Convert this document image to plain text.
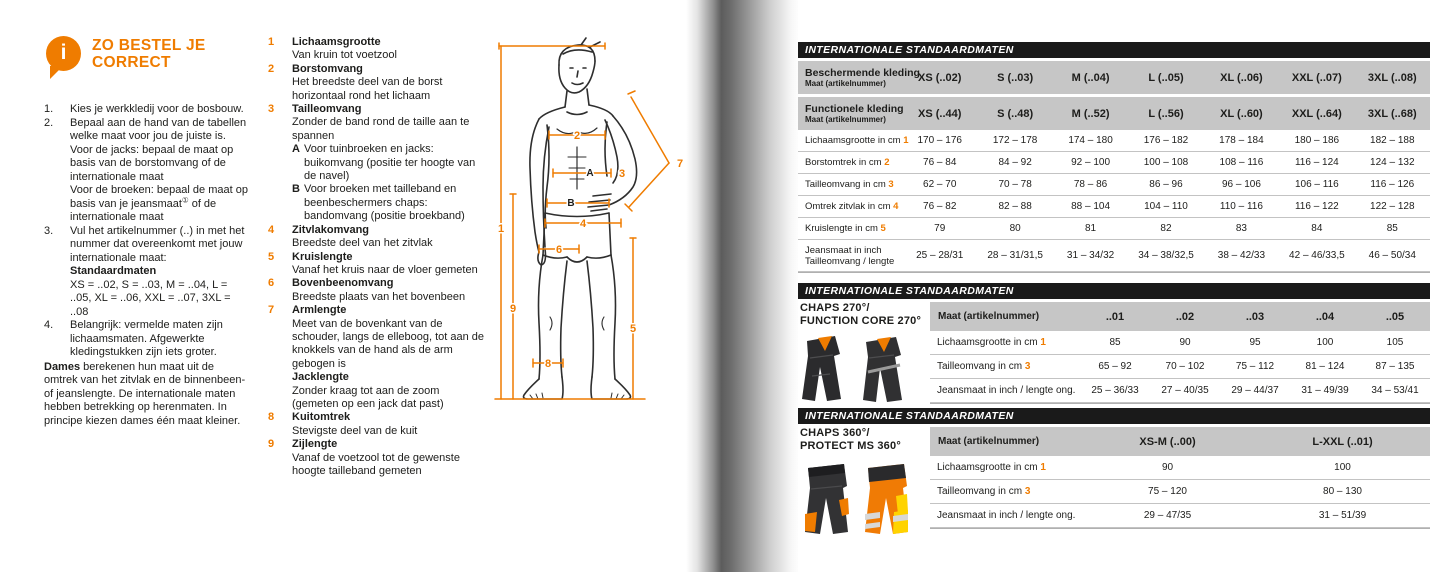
i	ZO BESTEL JE CORRECT
1.	Kies je werkkledij voor de bosbouw.
2.	Bepaal aan de hand van de tabellen welke maat voor jou de juiste is.
Voor de jacks: bepaal de maat op basis van de borstomvang of de internationale maat
Voor de broeken: bepaal de maat op basis van je jeansmaat① of de internationale maat
3.	Vul het artikelnummer (..) in met het nummer dat overeenkomt met jouw internationale maat:
Standaardmaten
XS = ..02, S = ..03, M = ..04, L = ..05, XL = ..06, XXL = ..07, 3XL = ..08
4.	Belangrijk: vermelde maten zijn lichaamsmaten. Afgewerkte kledingstukken zijn iets groter.
Dames berekenen hun maat uit de omtrek van het zitvlak en de binnenbeen- of jeanslengte. De internationale maten hebben betrekking op herenmaten. In principe kiezen dames één maat kleiner.
1	Lichaamsgrootte
Van kruin tot voetzool
2	Borstomvang
Het breedste deel van de borst horizontaal rond het lichaam
3	Tailleomvang
Zonder de band rond de taille aan te spannen
A Voor tuinbroeken en jacks: buikomvang (positie ter hoogte van de navel)
B Voor broeken met tailleband en beenbeschermers chaps: bandomvang (positie broekband)
4	Zitvlakomvang
Breedste deel van het zitvlak
5	Kruislengte
Vanaf het kruis naar de vloer gemeten
6	Bovenbeenomvang
Breedste plaats van het bovenbeen
7	Armlengte
Meet van de bovenkant van de schouder, langs de elleboog, tot aan de knokkels van de hand als de arm gebogen is
Jacklengte
Zonder kraag tot aan de zoom (gemeten op een jack dat past)
8	Kuitomtrek
Stevigste deel van de kuit
9	Zijlengte
Vanaf de voetzool tot de gewenste hoogte tailleband gemeten
1
2
3
4
5
6
7
8
9
A
B
INTERNATIONALE STANDAARDMATEN
Beschermende kleding
Maat (artikelnummer)	XS (..02)	S (..03)	M (..04)	L (..05)	XL (..06)	XXL (..07)	3XL (..08)
Functionele kleding
Maat (artikelnummer)	XS (..44)	S (..48)	M (..52)	L (..56)	XL (..60)	XXL (..64)	3XL (..68)
Lichaamsgrootte in cm 1 170 – 176	172 – 178	174 – 180	176 – 182	178 – 184	180 – 186	182 – 188
Borstomtrek in cm 2	76 – 84	84 – 92	92 – 100	100 – 108	108 – 116	116 – 124	124 – 132
Tailleomvang in cm 3	62 – 70	70 – 78	78 – 86	86 – 96	96 – 106	106 – 116	116 – 126
Omtrek zitvlak in cm 4	76 – 82	82 – 88	88 – 104	104 – 110	110 – 116	116 – 122	122 – 128
Kruislengte in cm 5	79	80	81	82	83	84	85
Jeansmaat in inch
Tailleomvang / lengte	25 – 28/31	28 – 31/31,5	31 – 34/32	34 – 38/32,5	38 – 42/33	42 – 46/33,5	46 – 50/34
INTERNATIONALE STANDAARDMATEN
CHAPS 270°/
FUNCTION CORE 270°	Maat (artikelnummer)	..01	..02	..03	..04	..05
Lichaamsgrootte in cm 1	85	90	95	100	105
Tailleomvang in cm 3	65 – 92	70 – 102	75 – 112	81 – 124	87 – 135
Jeansmaat in inch / lengte ong.	25 – 36/33	27 – 40/35	29 – 44/37	31 – 49/39	34 – 53/41
INTERNATIONALE STANDAARDMATEN
CHAPS 360°/
PROTECT MS 360°	Maat (artikelnummer)	XS-M (..00)	L-XXL (..01)
Lichaamsgrootte in cm 1	90	100
Tailleomvang in cm 3	75 – 120	80 – 130
Jeansmaat in inch / lengte ong.	29 – 47/35	31 – 51/39
